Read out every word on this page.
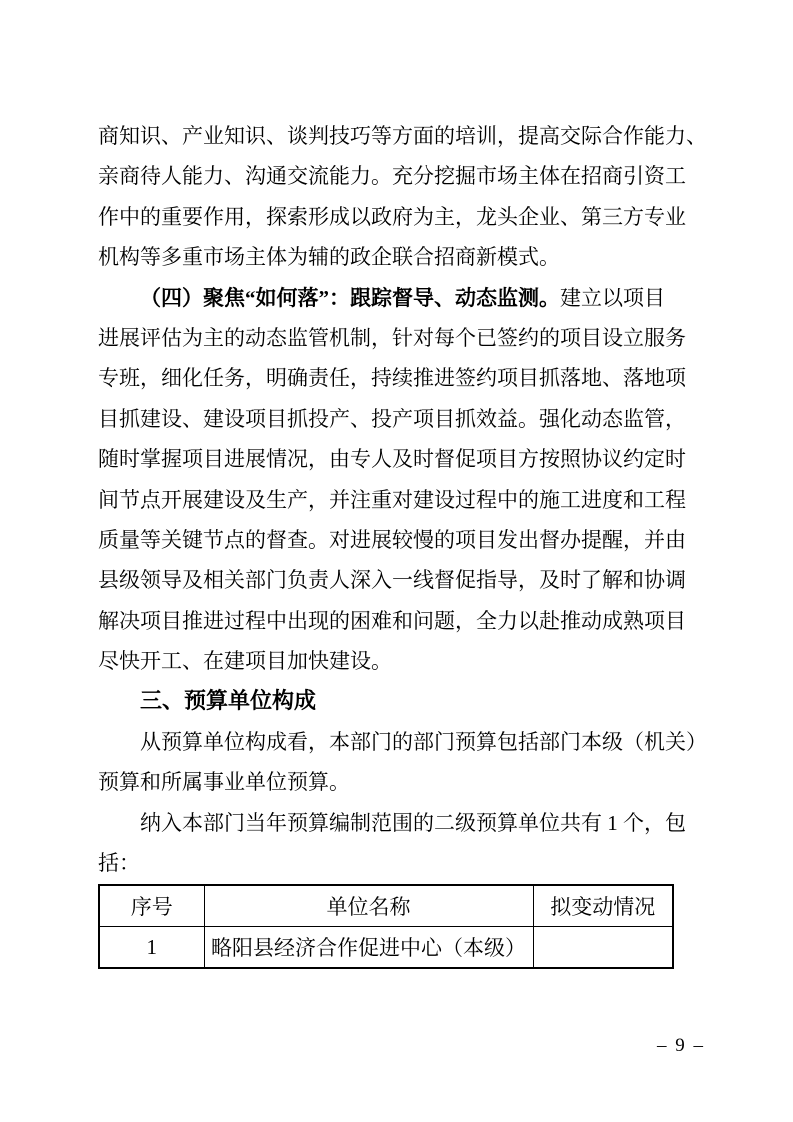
商知识、产业知识、谈判技巧等方面的培训，提高交际合作能力、
亲商待人能力、沟通交流能力。充分挖掘市场主体在招商引资工
作中的重要作用，探索形成以政府为主，龙头企业、第三方专业
机构等多重市场主体为辅的政企联合招商新模式。
（四）聚焦“如何落”：跟踪督导、动态监测。建立以项目
进展评估为主的动态监管机制，针对每个已签约的项目设立服务
专班，细化任务，明确责任，持续推进签约项目抓落地、落地项
目抓建设、建设项目抓投产、投产项目抓效益。强化动态监管，
随时掌握项目进展情况，由专人及时督促项目方按照协议约定时
间节点开展建设及生产，并注重对建设过程中的施工进度和工程
质量等关键节点的督查。对进展较慢的项目发出督办提醒，并由
县级领导及相关部门负责人深入一线督促指导，及时了解和协调
解决项目推进过程中出现的困难和问题，全力以赴推动成熟项目
尽快开工、在建项目加快建设。
三、预算单位构成
从预算单位构成看，本部门的部门预算包括部门本级（机关）
预算和所属事业单位预算。
纳入本部门当年预算编制范围的二级预算单位共有 1 个，包
括：
序号	单位名称	拟变动情况
1	略阳县经济合作促进中心（本级）	
– 9 –
